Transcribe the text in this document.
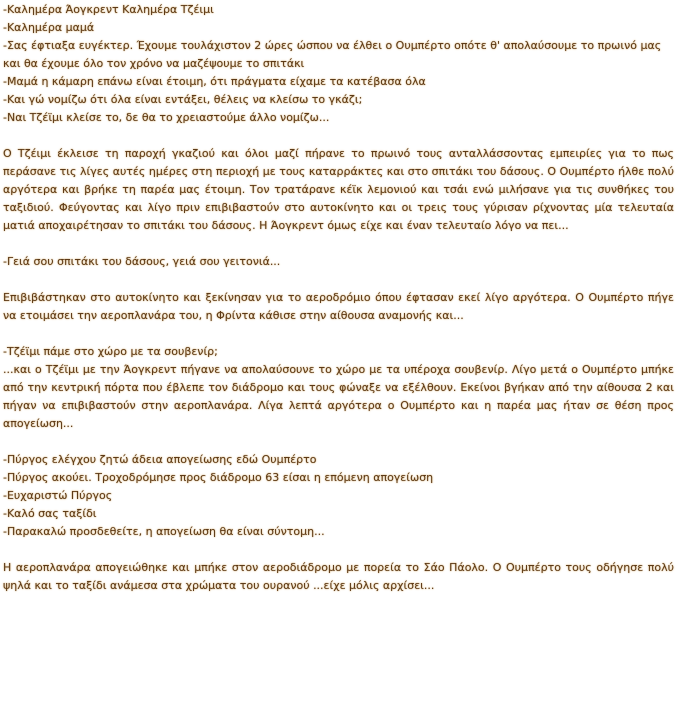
-Καλημέρα Άογκρεντ Καλημέρα Τζέιμι

-Καλημέρα μαμά

-Σας έφτιαξα ευγέκτερ. Έχουμε τουλάχιστον 2 ώρες ώσπου να έλθει ο Ουμπέρτο οπότε θ' απολαύσουμε το πρωινό μας και θα έχουμε όλο τον χρόνο να μαζέψουμε το σπιτάκι

-Μαμά η κάμαρη επάνω είναι έτοιμη, ότι πράγματα είχαμε τα κατέβασα όλα

-Και γώ νομίζω ότι όλα είναι εντάξει, θέλεις να κλείσω το γκάζι;

-Ναι Τζέϊμι κλείσε το, δε θα το χρειαστούμε άλλο νομίζω...

Ο Τζέιμι έκλεισε τη παροχή γκαζιού και όλοι μαζί πήρανε το πρωινό τους ανταλλάσσοντας εμπειρίες για το πως περάσανε τις λίγες αυτές ημέρες στη περιοχή με τους καταρράκτες και στο σπιτάκι του δάσους. Ο Ουμπέρτο ήλθε πολύ αργότερα και βρήκε τη παρέα μας έτοιμη. Τον τρατάρανε κέϊκ λεμονιού και τσάι ενώ μιλήσανε για τις συνθήκες του ταξιδιού. Φεύγοντας και λίγο πριν επιβιβαστούν στο αυτοκίνητο και οι τρεις τους γύρισαν ρίχνοντας μία τελευταία ματιά αποχαιρέτησαν το σπιτάκι του δάσους. Η Άογκρεντ όμως είχε και έναν τελευταίο λόγο να πει...

-Γειά σου σπιτάκι του δάσους, γειά σου γειτονιά...

Επιβιβάστηκαν στο αυτοκίνητο και ξεκίνησαν για το αεροδρόμιο όπου έφτασαν εκεί λίγο αργότερα. Ο Ουμπέρτο πήγε να ετοιμάσει την αεροπλανάρα του, η Φρίντα κάθισε στην αίθουσα αναμονής και...

-Τζέϊμι πάμε στο χώρο με τα σουβενίρ;

...και ο Τζέϊμι με την Άογκρεντ πήγανε να απολαύσουνε το χώρο με τα υπέροχα σουβενίρ. Λίγο μετά ο Ουμπέρτο μπήκε από την κεντρική πόρτα που έβλεπε τον διάδρομο και τους φώναξε να εξέλθουν. Εκείνοι βγήκαν από την αίθουσα 2 και πήγαν να επιβιβαστούν στην αεροπλανάρα. Λίγα λεπτά αργότερα ο Ουμπέρτο και η παρέα μας ήταν σε θέση προς απογείωση...

-Πύργος ελέγχου ζητώ άδεια απογείωσης εδώ Ουμπέρτο

-Πύργος ακούει. Τροχοδρόμησε προς διάδρομο 63 είσαι η επόμενη απογείωση

-Ευχαριστώ Πύργος

-Καλό σας ταξίδι

-Παρακαλώ προσδεθείτε, η απογείωση θα είναι σύντομη...

Η αεροπλανάρα απογειώθηκε και μπήκε στον αεροδιάδρομο με πορεία το Σάο Πάολο. Ο Ουμπέρτο τους οδήγησε πολύ ψηλά και το ταξίδι ανάμεσα στα χρώματα του ουρανού ...είχε μόλις αρχίσει...
